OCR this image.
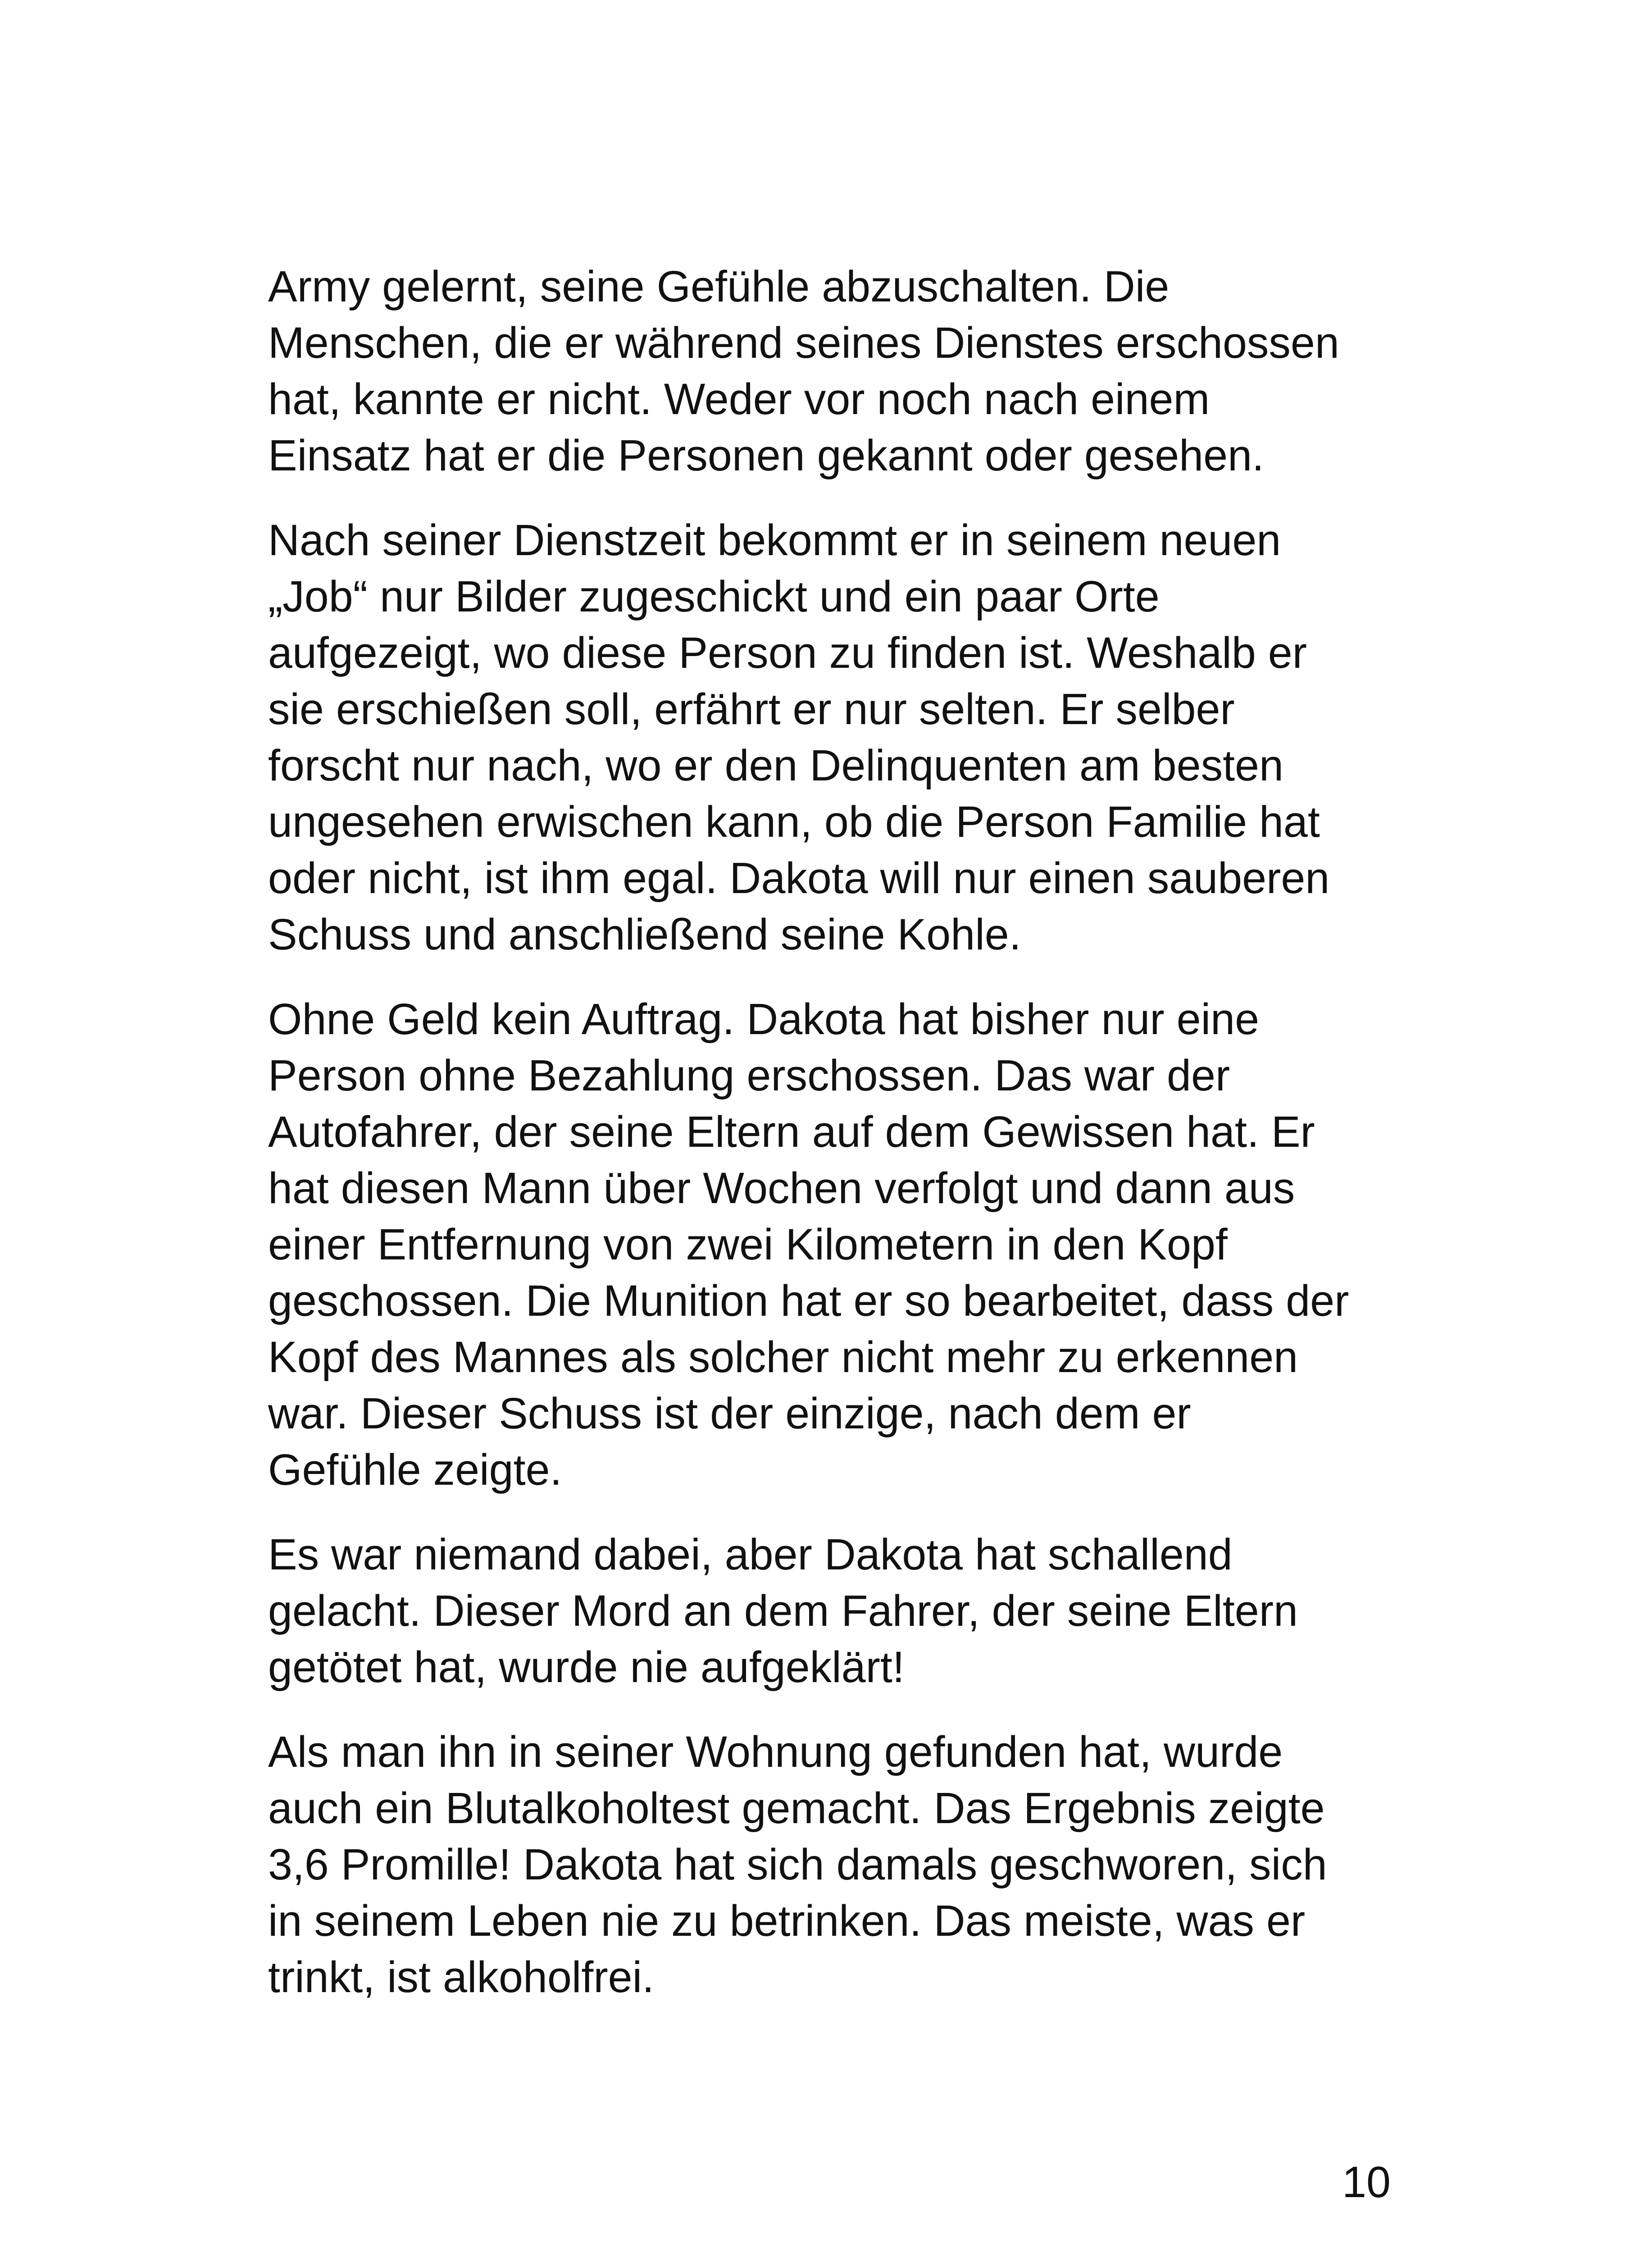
Army gelernt, seine Gefühle abzuschalten. Die
Menschen, die er während seines Dienstes erschossen
hat, kannte er nicht. Weder vor noch nach einem
Einsatz hat er die Personen gekannt oder gesehen.

Nach seiner Dienstzeit bekommt er in seinem neuen
„Job“ nur Bilder zugeschickt und ein paar Orte
aufgezeigt, wo diese Person zu finden ist. Weshalb er
sie erschießen soll, erfährt er nur selten. Er selber
forscht nur nach, wo er den Delinquenten am besten
ungesehen erwischen kann, ob die Person Familie hat
oder nicht, ist ihm egal. Dakota will nur einen sauberen
Schuss und anschließend seine Kohle.

Ohne Geld kein Auftrag. Dakota hat bisher nur eine
Person ohne Bezahlung erschossen. Das war der
Autofahrer, der seine Eltern auf dem Gewissen hat. Er
hat diesen Mann über Wochen verfolgt und dann aus
einer Entfernung von zwei Kilometern in den Kopf
geschossen. Die Munition hat er so bearbeitet, dass der
Kopf des Mannes als solcher nicht mehr zu erkennen
war. Dieser Schuss ist der einzige, nach dem er
Gefühle zeigte.

Es war niemand dabei, aber Dakota hat schallend
gelacht. Dieser Mord an dem Fahrer, der seine Eltern
getötet hat, wurde nie aufgeklärt!

Als man ihn in seiner Wohnung gefunden hat, wurde
auch ein Blutalkoholtest gemacht. Das Ergebnis zeigte
3,6 Promille! Dakota hat sich damals geschworen, sich
in seinem Leben nie zu betrinken. Das meiste, was er
trinkt, ist alkoholfrei.

10
